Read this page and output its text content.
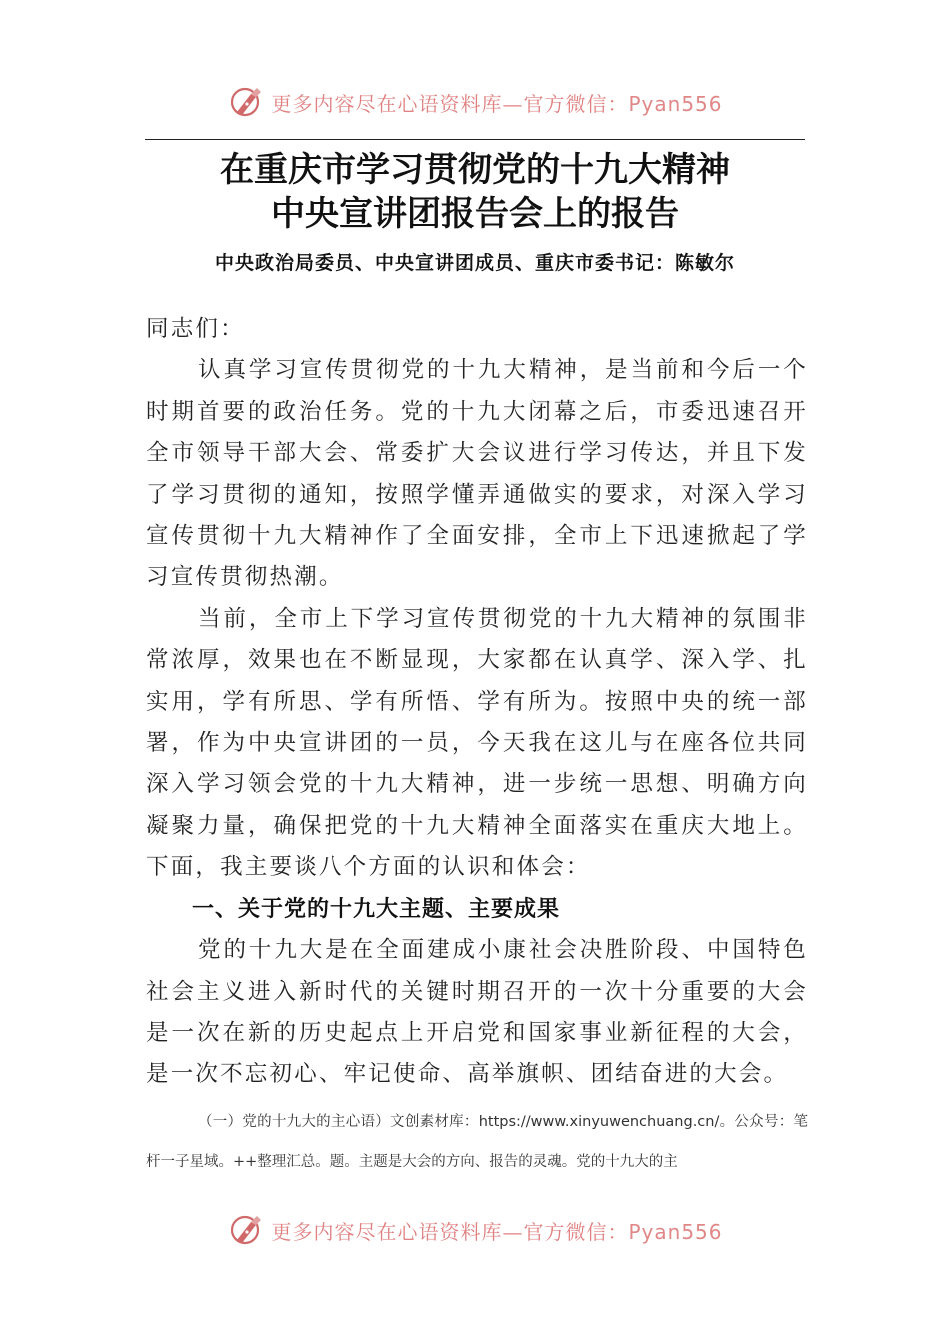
更多内容尽在心语资料库—官方微信：Pyan556
在重庆市学习贯彻党的十九大精神
中央宣讲团报告会上的报告
中央政治局委员、中央宣讲团成员、重庆市委书记：陈敏尔

同志们：

认真学习宣传贯彻党的十九大精神，是当前和今后一个时期首要的政治任务。党的十九大闭幕之后，市委迅速召开全市领导干部大会、常委扩大会议进行学习传达，并且下发了学习贯彻的通知，按照学懂弄通做实的要求，对深入学习宣传贯彻十九大精神作了全面安排，全市上下迅速掀起了学习宣传贯彻热潮。

当前，全市上下学习宣传贯彻党的十九大精神的氛围非常浓厚，效果也在不断显现，大家都在认真学、深入学、扎实用，学有所思、学有所悟、学有所为。按照中央的统一部署，作为中央宣讲团的一员，今天我在这儿与在座各位共同深入学习领会党的十九大精神，进一步统一思想、明确方向凝聚力量，确保把党的十九大精神全面落实在重庆大地上。下面，我主要谈八个方面的认识和体会：

一、关于党的十九大主题、主要成果

党的十九大是在全面建成小康社会决胜阶段、中国特色社会主义进入新时代的关键时期召开的一次十分重要的大会是一次在新的历史起点上开启党和国家事业新征程的大会，是一次不忘初心、牢记使命、高举旗帜、团结奋进的大会。

（一）党的十九大的主心语）文创素材库：https://www.xinyuwenchuang.cn/。公众号：笔杆一子星域。++整理汇总。题。主题是大会的方向、报告的灵魂。党的十九大的主

更多内容尽在心语资料库—官方微信：Pyan556
